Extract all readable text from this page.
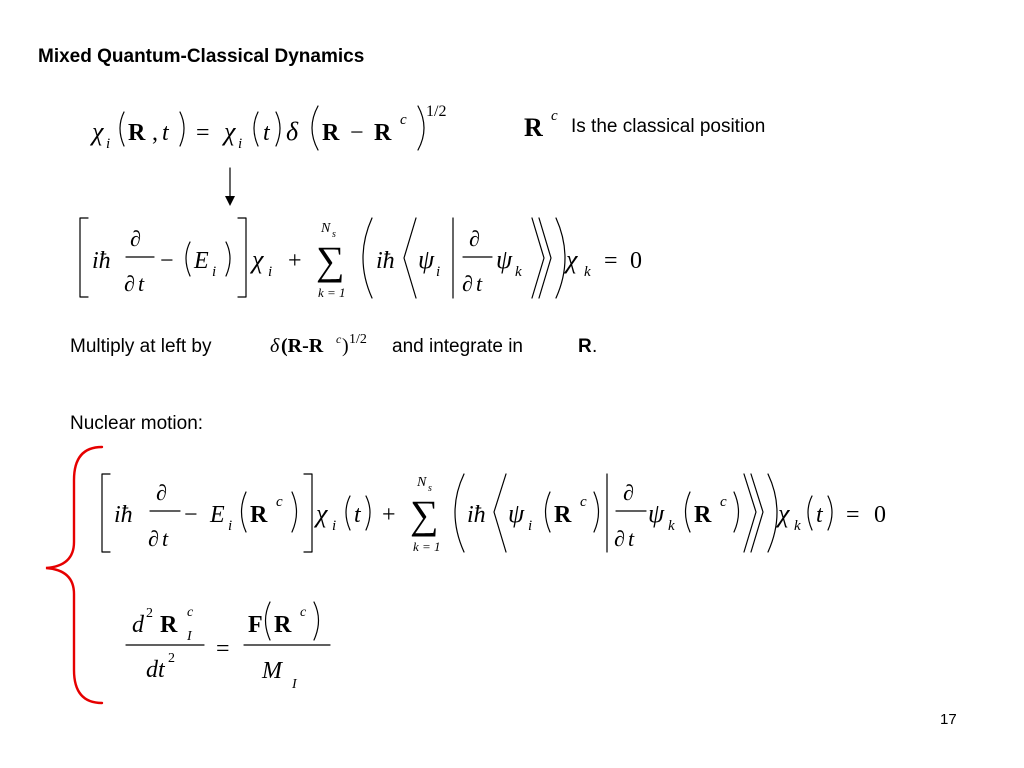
Mixed Quantum-Classical Dynamics
χ i R , t = χ i t δ R − R c 1/2
R c Is the classical position
iħ
∂
∂ t
− E i χ i +
N s
∑
k = 1
iħ ψ i
∂
∂ t
ψ k χ k = 0
Multiply at left by	δ (R-R c ) 1/2 and integrate in	R .
Nuclear motion:
iħ
∂
∂ t
− E i R c χ i t +
N s
∑
k = 1
iħ ψ i R c ∂
∂ t
ψ k R c χ k t = 0
d 2 R c
I
d t 2 =
F R c
M
I
17
